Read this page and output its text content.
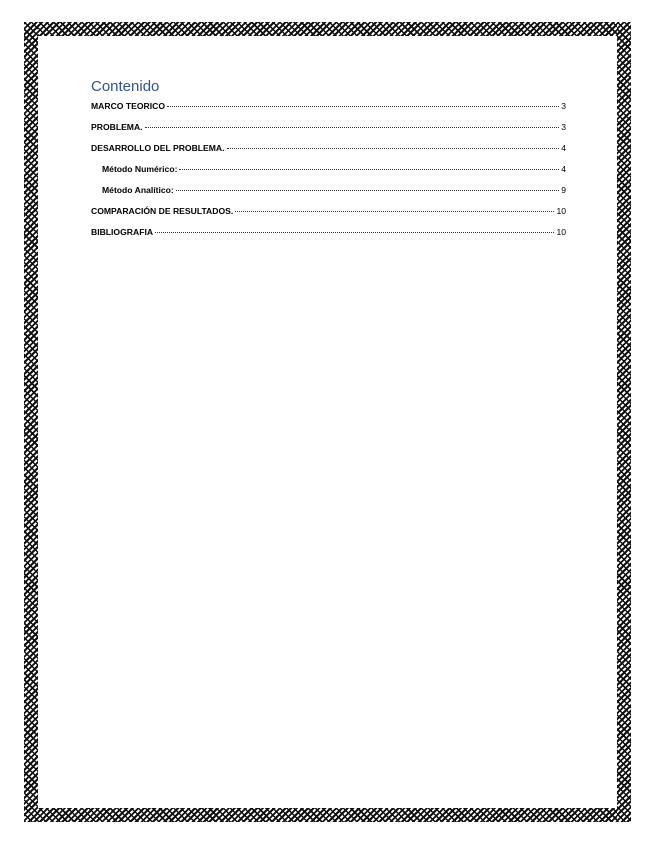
Contenido
MARCO TEORICO	3
PROBLEMA.	3
DESARROLLO DEL PROBLEMA.	4
Método Numérico:	4
Método Analítico:	9
COMPARACIÓN DE RESULTADOS.	10
BIBLIOGRAFIA	10
